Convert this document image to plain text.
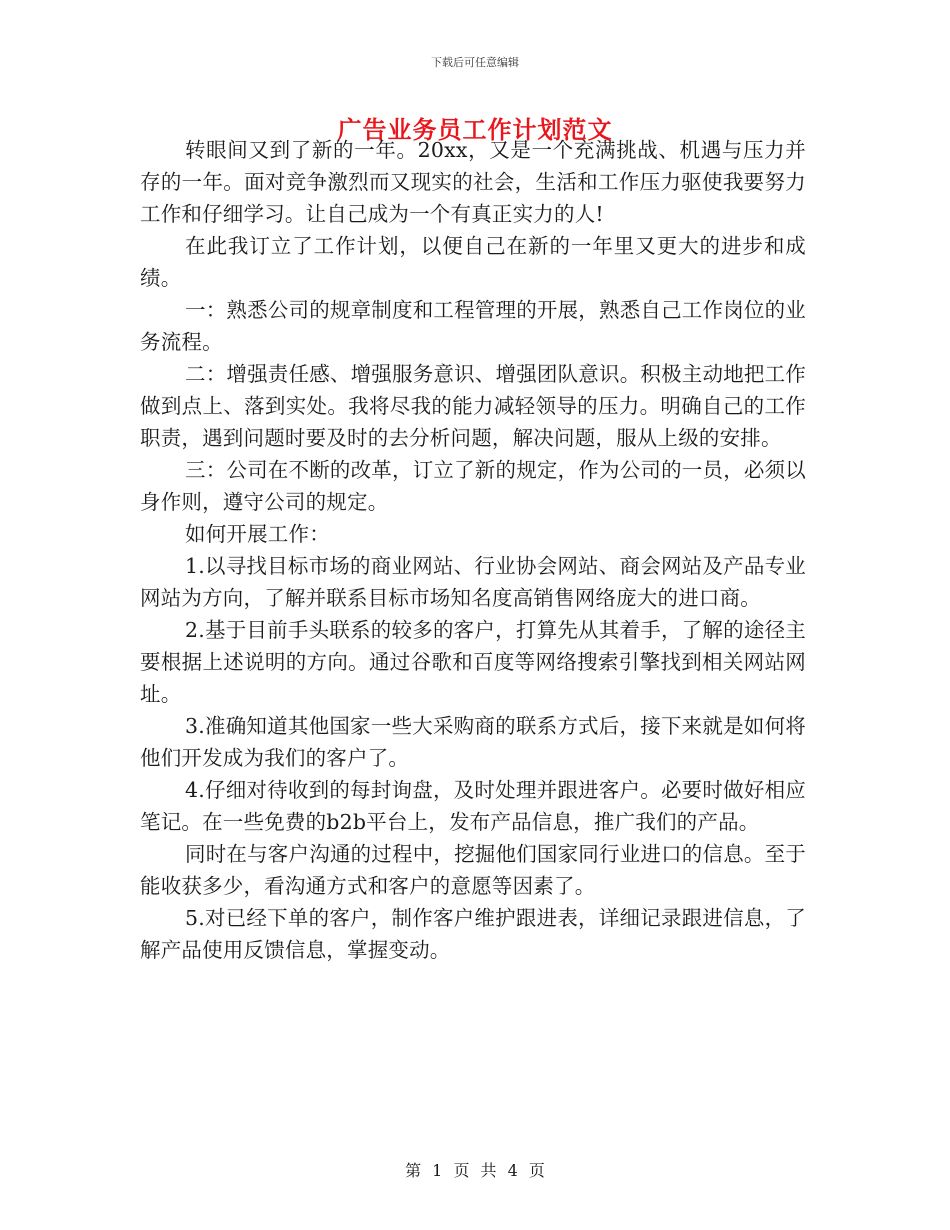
下载后可任意编辑
广告业务员工作计划范文

转眼间又到了新的一年。20xx，又是一个充满挑战、机遇与压力并存的一年。面对竞争激烈而又现实的社会，生活和工作压力驱使我要努力工作和仔细学习。让自己成为一个有真正实力的人!

在此我订立了工作计划，以便自己在新的一年里又更大的进步和成绩。

一：熟悉公司的规章制度和工程管理的开展，熟悉自己工作岗位的业务流程。

二：增强责任感、增强服务意识、增强团队意识。积极主动地把工作做到点上、落到实处。我将尽我的能力减轻领导的压力。明确自己的工作职责，遇到问题时要及时的去分析问题，解决问题，服从上级的安排。

三：公司在不断的改革，订立了新的规定，作为公司的一员，必须以身作则，遵守公司的规定。

如何开展工作：

1.以寻找目标市场的商业网站、行业协会网站、商会网站及产品专业网站为方向，了解并联系目标市场知名度高销售网络庞大的进口商。

2.基于目前手头联系的较多的客户，打算先从其着手，了解的途径主要根据上述说明的方向。通过谷歌和百度等网络搜索引擎找到相关网站网址。

3.准确知道其他国家一些大采购商的联系方式后，接下来就是如何将他们开发成为我们的客户了。

4.仔细对待收到的每封询盘，及时处理并跟进客户。必要时做好相应笔记。在一些免费的b2b平台上，发布产品信息，推广我们的产品。

同时在与客户沟通的过程中，挖掘他们国家同行业进口的信息。至于能收获多少，看沟通方式和客户的意愿等因素了。

5.对已经下单的客户，制作客户维护跟进表，详细记录跟进信息，了解产品使用反馈信息，掌握变动。

第 1 页 共 4 页
